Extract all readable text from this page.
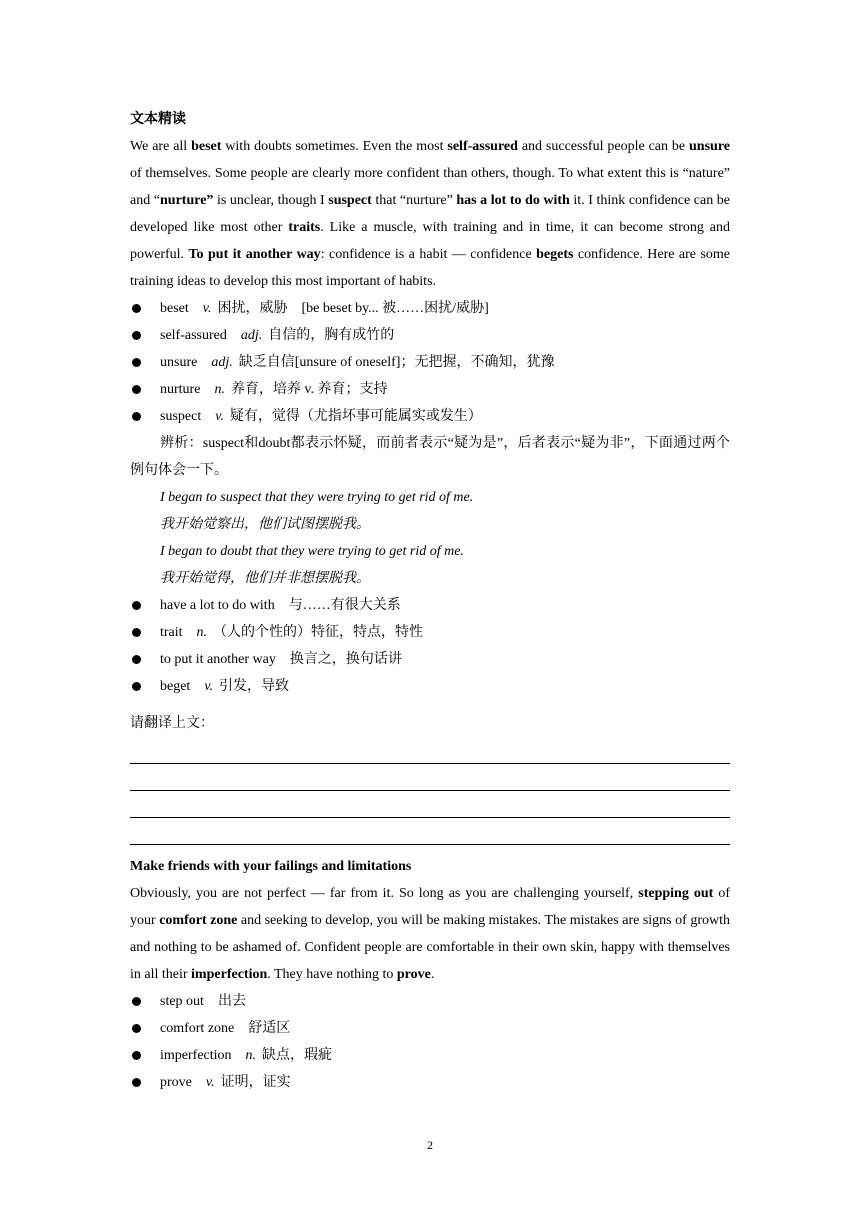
文本精读

We are all beset with doubts sometimes. Even the most self-assured and successful people can be unsure of themselves. Some people are clearly more confident than others, though. To what extent this is “nature” and “nurture” is unclear, though I suspect that “nurture” has a lot to do with it. I think confidence can be developed like most other traits. Like a muscle, with training and in time, it can become strong and powerful. To put it another way: confidence is a habit — confidence begets confidence. Here are some training ideas to develop this most important of habits.

beset v. 困扰，威胁 [be beset by... 被……困扰/威胁]
self-assured adj. 自信的，胸有成竹的
unsure adj. 缺乏自信[unsure of oneself]；无把握，不确知，犹豫
nurture n. 养育，培养 v. 养育；支持
suspect v. 疑有，觉得（尤指坏事可能属实或发生）

辨析：suspect和doubt都表示怀疑，而前者表示“疑为是”，后者表示“疑为非”，下面通过两个例句体会一下。

I began to suspect that they were trying to get rid of me.

我开始觉察出，他们试图摆脱我。

I began to doubt that they were trying to get rid of me.

我开始觉得，他们并非想摆脱我。

have a lot to do with 与……有很大关系
trait n. （人的个性的）特征，特点，特性
to put it another way 换言之，换句话讲
beget v. 引发，导致

请翻译上文：

Make friends with your failings and limitations

Obviously, you are not perfect — far from it. So long as you are challenging yourself, stepping out of your comfort zone and seeking to develop, you will be making mistakes. The mistakes are signs of growth and nothing to be ashamed of. Confident people are comfortable in their own skin, happy with themselves in all their imperfection. They have nothing to prove.

step out 出去
comfort zone 舒适区
imperfection n. 缺点，瑕疵
prove v. 证明，证实
2
